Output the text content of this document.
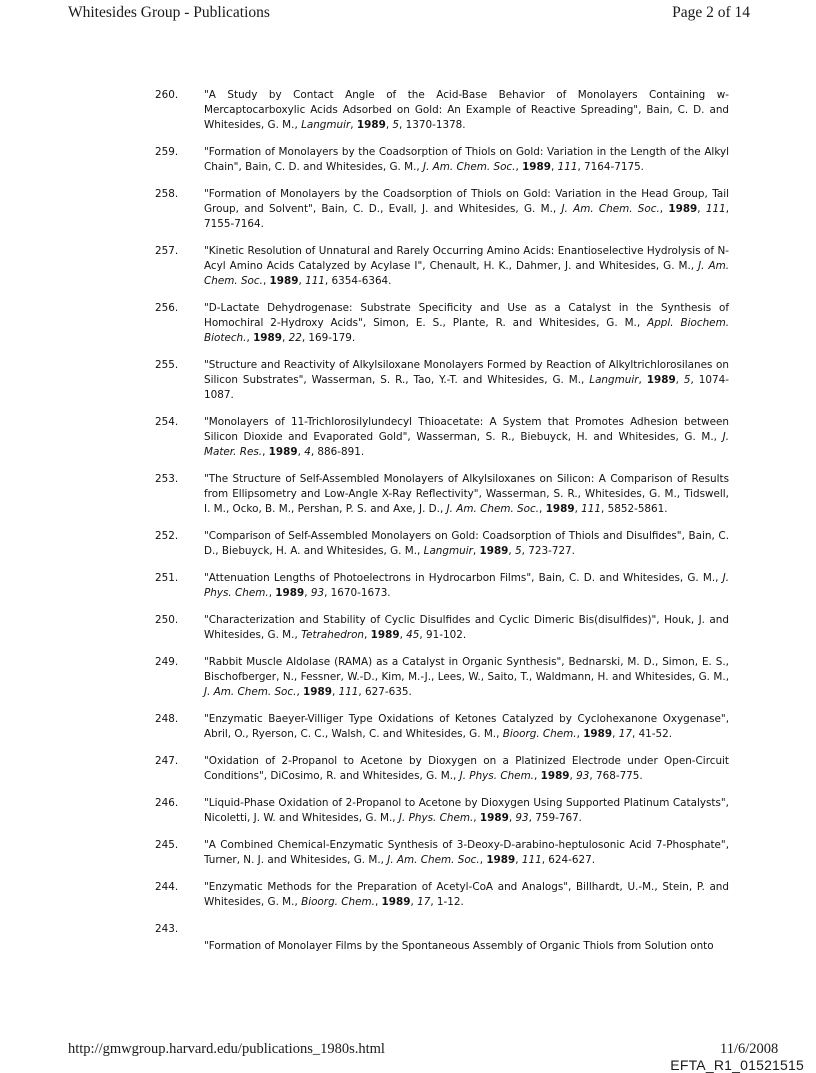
Whitesides Group - Publications	Page 2 of 14
260. "A Study by Contact Angle of the Acid-Base Behavior of Monolayers Containing w-Mercaptocarboxylic Acids Adsorbed on Gold: An Example of Reactive Spreading", Bain, C. D. and Whitesides, G. M., Langmuir, 1989, 5, 1370-1378.
259. "Formation of Monolayers by the Coadsorption of Thiols on Gold: Variation in the Length of the Alkyl Chain", Bain, C. D. and Whitesides, G. M., J. Am. Chem. Soc., 1989, 111, 7164-7175.
258. "Formation of Monolayers by the Coadsorption of Thiols on Gold: Variation in the Head Group, Tail Group, and Solvent", Bain, C. D., Evall, J. and Whitesides, G. M., J. Am. Chem. Soc., 1989, 111, 7155-7164.
257. "Kinetic Resolution of Unnatural and Rarely Occurring Amino Acids: Enantioselective Hydrolysis of N-Acyl Amino Acids Catalyzed by Acylase I", Chenault, H. K., Dahmer, J. and Whitesides, G. M., J. Am. Chem. Soc., 1989, 111, 6354-6364.
256. "D-Lactate Dehydrogenase: Substrate Specificity and Use as a Catalyst in the Synthesis of Homochiral 2-Hydroxy Acids", Simon, E. S., Plante, R. and Whitesides, G. M., Appl. Biochem. Biotech., 1989, 22, 169-179.
255. "Structure and Reactivity of Alkylsiloxane Monolayers Formed by Reaction of Alkyltrichlorosilanes on Silicon Substrates", Wasserman, S. R., Tao, Y.-T. and Whitesides, G. M., Langmuir, 1989, 5, 1074-1087.
254. "Monolayers of 11-Trichlorosilylundecyl Thioacetate: A System that Promotes Adhesion between Silicon Dioxide and Evaporated Gold", Wasserman, S. R., Biebuyck, H. and Whitesides, G. M., J. Mater. Res., 1989, 4, 886-891.
253. "The Structure of Self-Assembled Monolayers of Alkylsiloxanes on Silicon: A Comparison of Results from Ellipsometry and Low-Angle X-Ray Reflectivity", Wasserman, S. R., Whitesides, G. M., Tidswell, I. M., Ocko, B. M., Pershan, P. S. and Axe, J. D., J. Am. Chem. Soc., 1989, 111, 5852-5861.
252. "Comparison of Self-Assembled Monolayers on Gold: Coadsorption of Thiols and Disulfides", Bain, C. D., Biebuyck, H. A. and Whitesides, G. M., Langmuir, 1989, 5, 723-727.
251. "Attenuation Lengths of Photoelectrons in Hydrocarbon Films", Bain, C. D. and Whitesides, G. M., J. Phys. Chem., 1989, 93, 1670-1673.
250. "Characterization and Stability of Cyclic Disulfides and Cyclic Dimeric Bis(disulfides)", Houk, J. and Whitesides, G. M., Tetrahedron, 1989, 45, 91-102.
249. "Rabbit Muscle Aldolase (RAMA) as a Catalyst in Organic Synthesis", Bednarski, M. D., Simon, E. S., Bischofberger, N., Fessner, W.-D., Kim, M.-J., Lees, W., Saito, T., Waldmann, H. and Whitesides, G. M., J. Am. Chem. Soc., 1989, 111, 627-635.
248. "Enzymatic Baeyer-Villiger Type Oxidations of Ketones Catalyzed by Cyclohexanone Oxygenase", Abril, O., Ryerson, C. C., Walsh, C. and Whitesides, G. M., Bioorg. Chem., 1989, 17, 41-52.
247. "Oxidation of 2-Propanol to Acetone by Dioxygen on a Platinized Electrode under Open-Circuit Conditions", DiCosimo, R. and Whitesides, G. M., J. Phys. Chem., 1989, 93, 768-775.
246. "Liquid-Phase Oxidation of 2-Propanol to Acetone by Dioxygen Using Supported Platinum Catalysts", Nicoletti, J. W. and Whitesides, G. M., J. Phys. Chem., 1989, 93, 759-767.
245. "A Combined Chemical-Enzymatic Synthesis of 3-Deoxy-D-arabino-heptulosonic Acid 7-Phosphate", Turner, N. J. and Whitesides, G. M., J. Am. Chem. Soc., 1989, 111, 624-627.
244. "Enzymatic Methods for the Preparation of Acetyl-CoA and Analogs", Billhardt, U.-M., Stein, P. and Whitesides, G. M., Bioorg. Chem., 1989, 17, 1-12.
243.
"Formation of Monolayer Films by the Spontaneous Assembly of Organic Thiols from Solution onto
http://gmwgroup.harvard.edu/publications_1980s.html	11/6/2008
EFTA_R1_01521515
